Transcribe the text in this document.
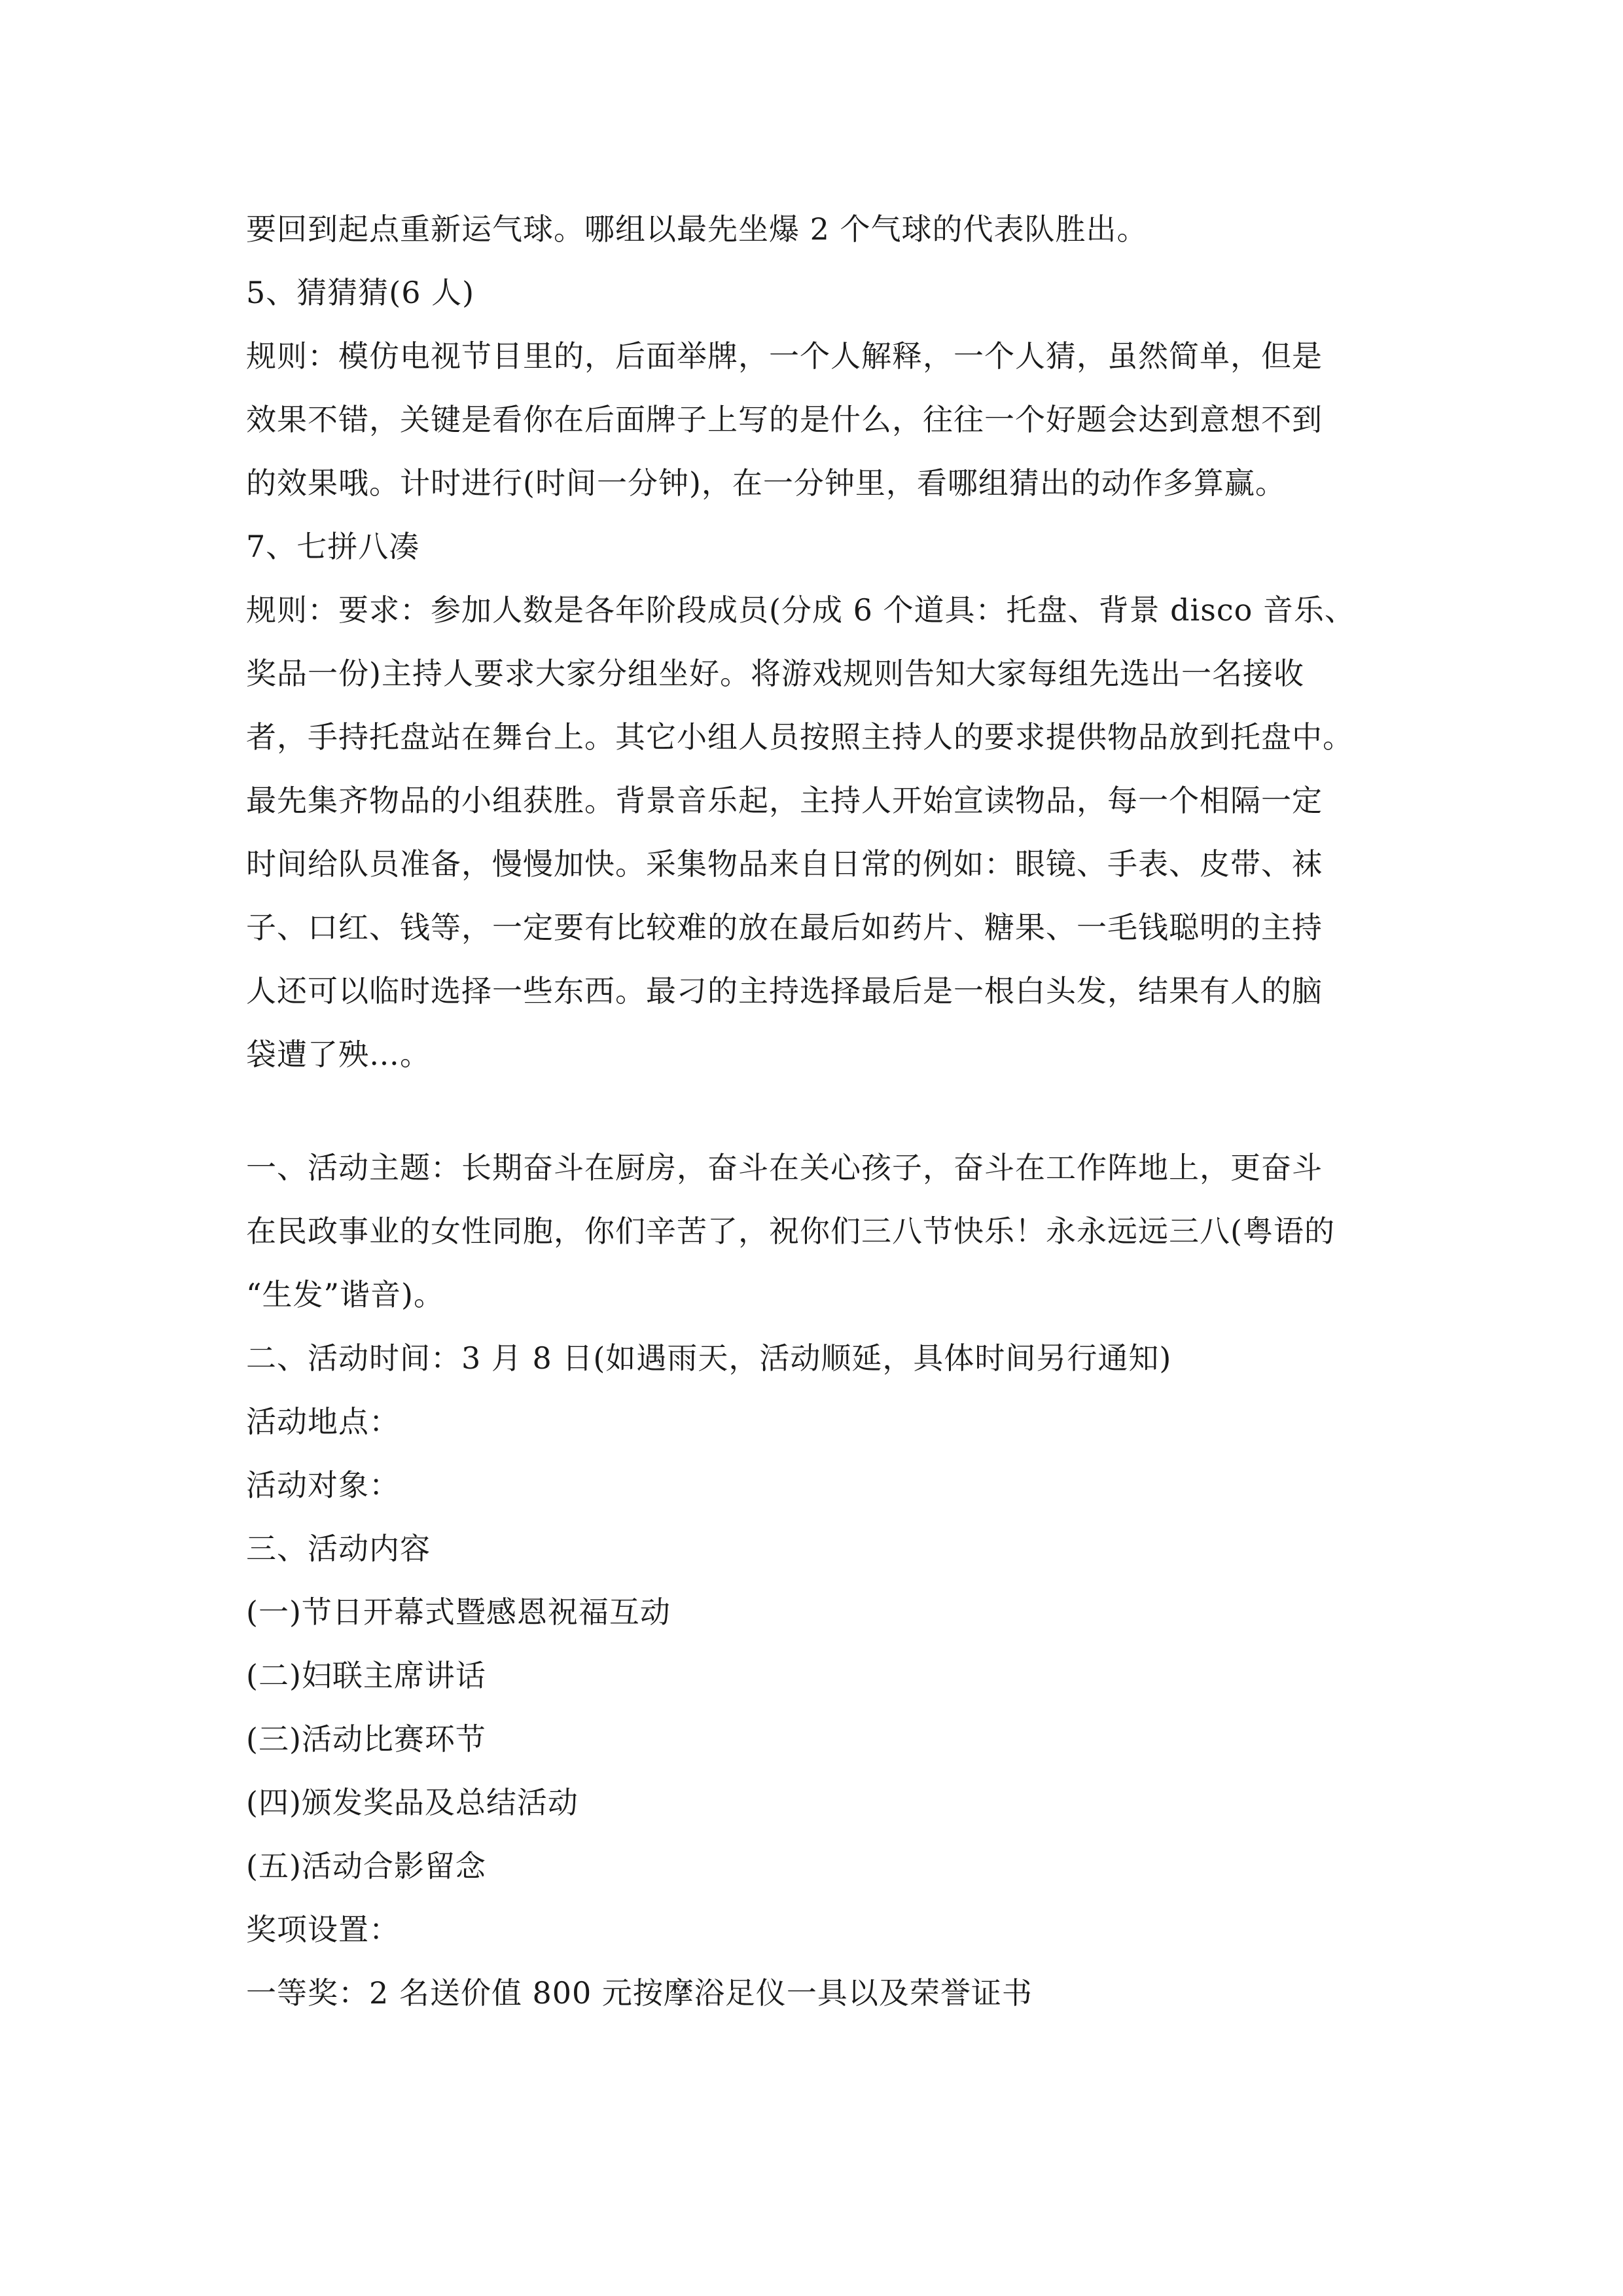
要回到起点重新运气球。哪组以最先坐爆 2 个气球的代表队胜出。
5、猜猜猜(6 人)
规则：模仿电视节目里的，后面举牌，一个人解释，一个人猜，虽然简单，但是
效果不错，关键是看你在后面牌子上写的是什么，往往一个好题会达到意想不到
的效果哦。计时进行(时间一分钟)，在一分钟里，看哪组猜出的动作多算赢。
7、七拼八凑
规则：要求：参加人数是各年阶段成员(分成 6 个道具：托盘、背景 disco 音乐、
奖品一份)主持人要求大家分组坐好。将游戏规则告知大家每组先选出一名接收
者，手持托盘站在舞台上。其它小组人员按照主持人的要求提供物品放到托盘中。
最先集齐物品的小组获胜。背景音乐起，主持人开始宣读物品，每一个相隔一定
时间给队员准备，慢慢加快。采集物品来自日常的例如：眼镜、手表、皮带、袜
子、口红、钱等，一定要有比较难的放在最后如药片、糖果、一毛钱聪明的主持
人还可以临时选择一些东西。最刁的主持选择最后是一根白头发，结果有人的脑
袋遭了殃…。
一、活动主题：长期奋斗在厨房，奋斗在关心孩子，奋斗在工作阵地上，更奋斗
在民政事业的女性同胞，你们辛苦了，祝你们三八节快乐！永永远远三八(粤语的
“生发”谐音)。
二、活动时间：3 月 8 日(如遇雨天，活动顺延，具体时间另行通知)
活动地点：
活动对象：
三、活动内容
(一)节日开幕式暨感恩祝福互动
(二)妇联主席讲话
(三)活动比赛环节
(四)颁发奖品及总结活动
(五)活动合影留念
奖项设置：
一等奖：2 名送价值 800 元按摩浴足仪一具以及荣誉证书
